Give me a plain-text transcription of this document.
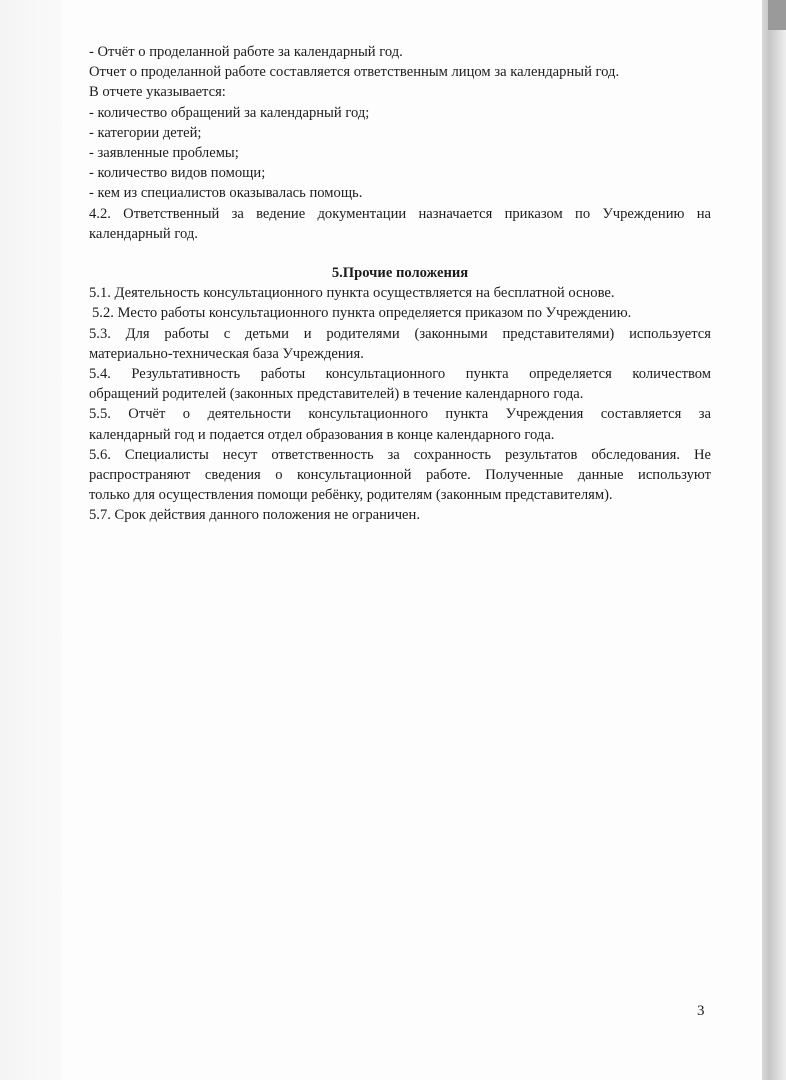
- Отчёт о проделанной работе за календарный год.
Отчет о проделанной работе составляется ответственным лицом за календарный год.
В отчете указывается:
- количество обращений за календарный год;
- категории детей;
- заявленные проблемы;
- количество видов помощи;
- кем из специалистов оказывалась помощь.
4.2. Ответственный за ведение документации назначается приказом по Учреждению на
календарный год.
5.Прочие положения
5.1. Деятельность консультационного пункта осуществляется на бесплатной основе.
5.2. Место работы консультационного пункта определяется приказом по Учреждению.
5.3. Для работы с детьми и родителями (законными представителями) используется
материально-техническая база Учреждения.
5.4. Результативность работы консультационного пункта определяется количеством
обращений родителей (законных представителей) в течение календарного года.
5.5. Отчёт о деятельности консультационного пункта Учреждения составляется за
календарный год и подается отдел образования в конце календарного года.
5.6. Специалисты несут ответственность за сохранность результатов обследования. Не
распространяют сведения о консультационной работе. Полученные данные используют
только для осуществления помощи ребёнку, родителям (законным представителям).
5.7. Срок действия данного положения не ограничен.
3
